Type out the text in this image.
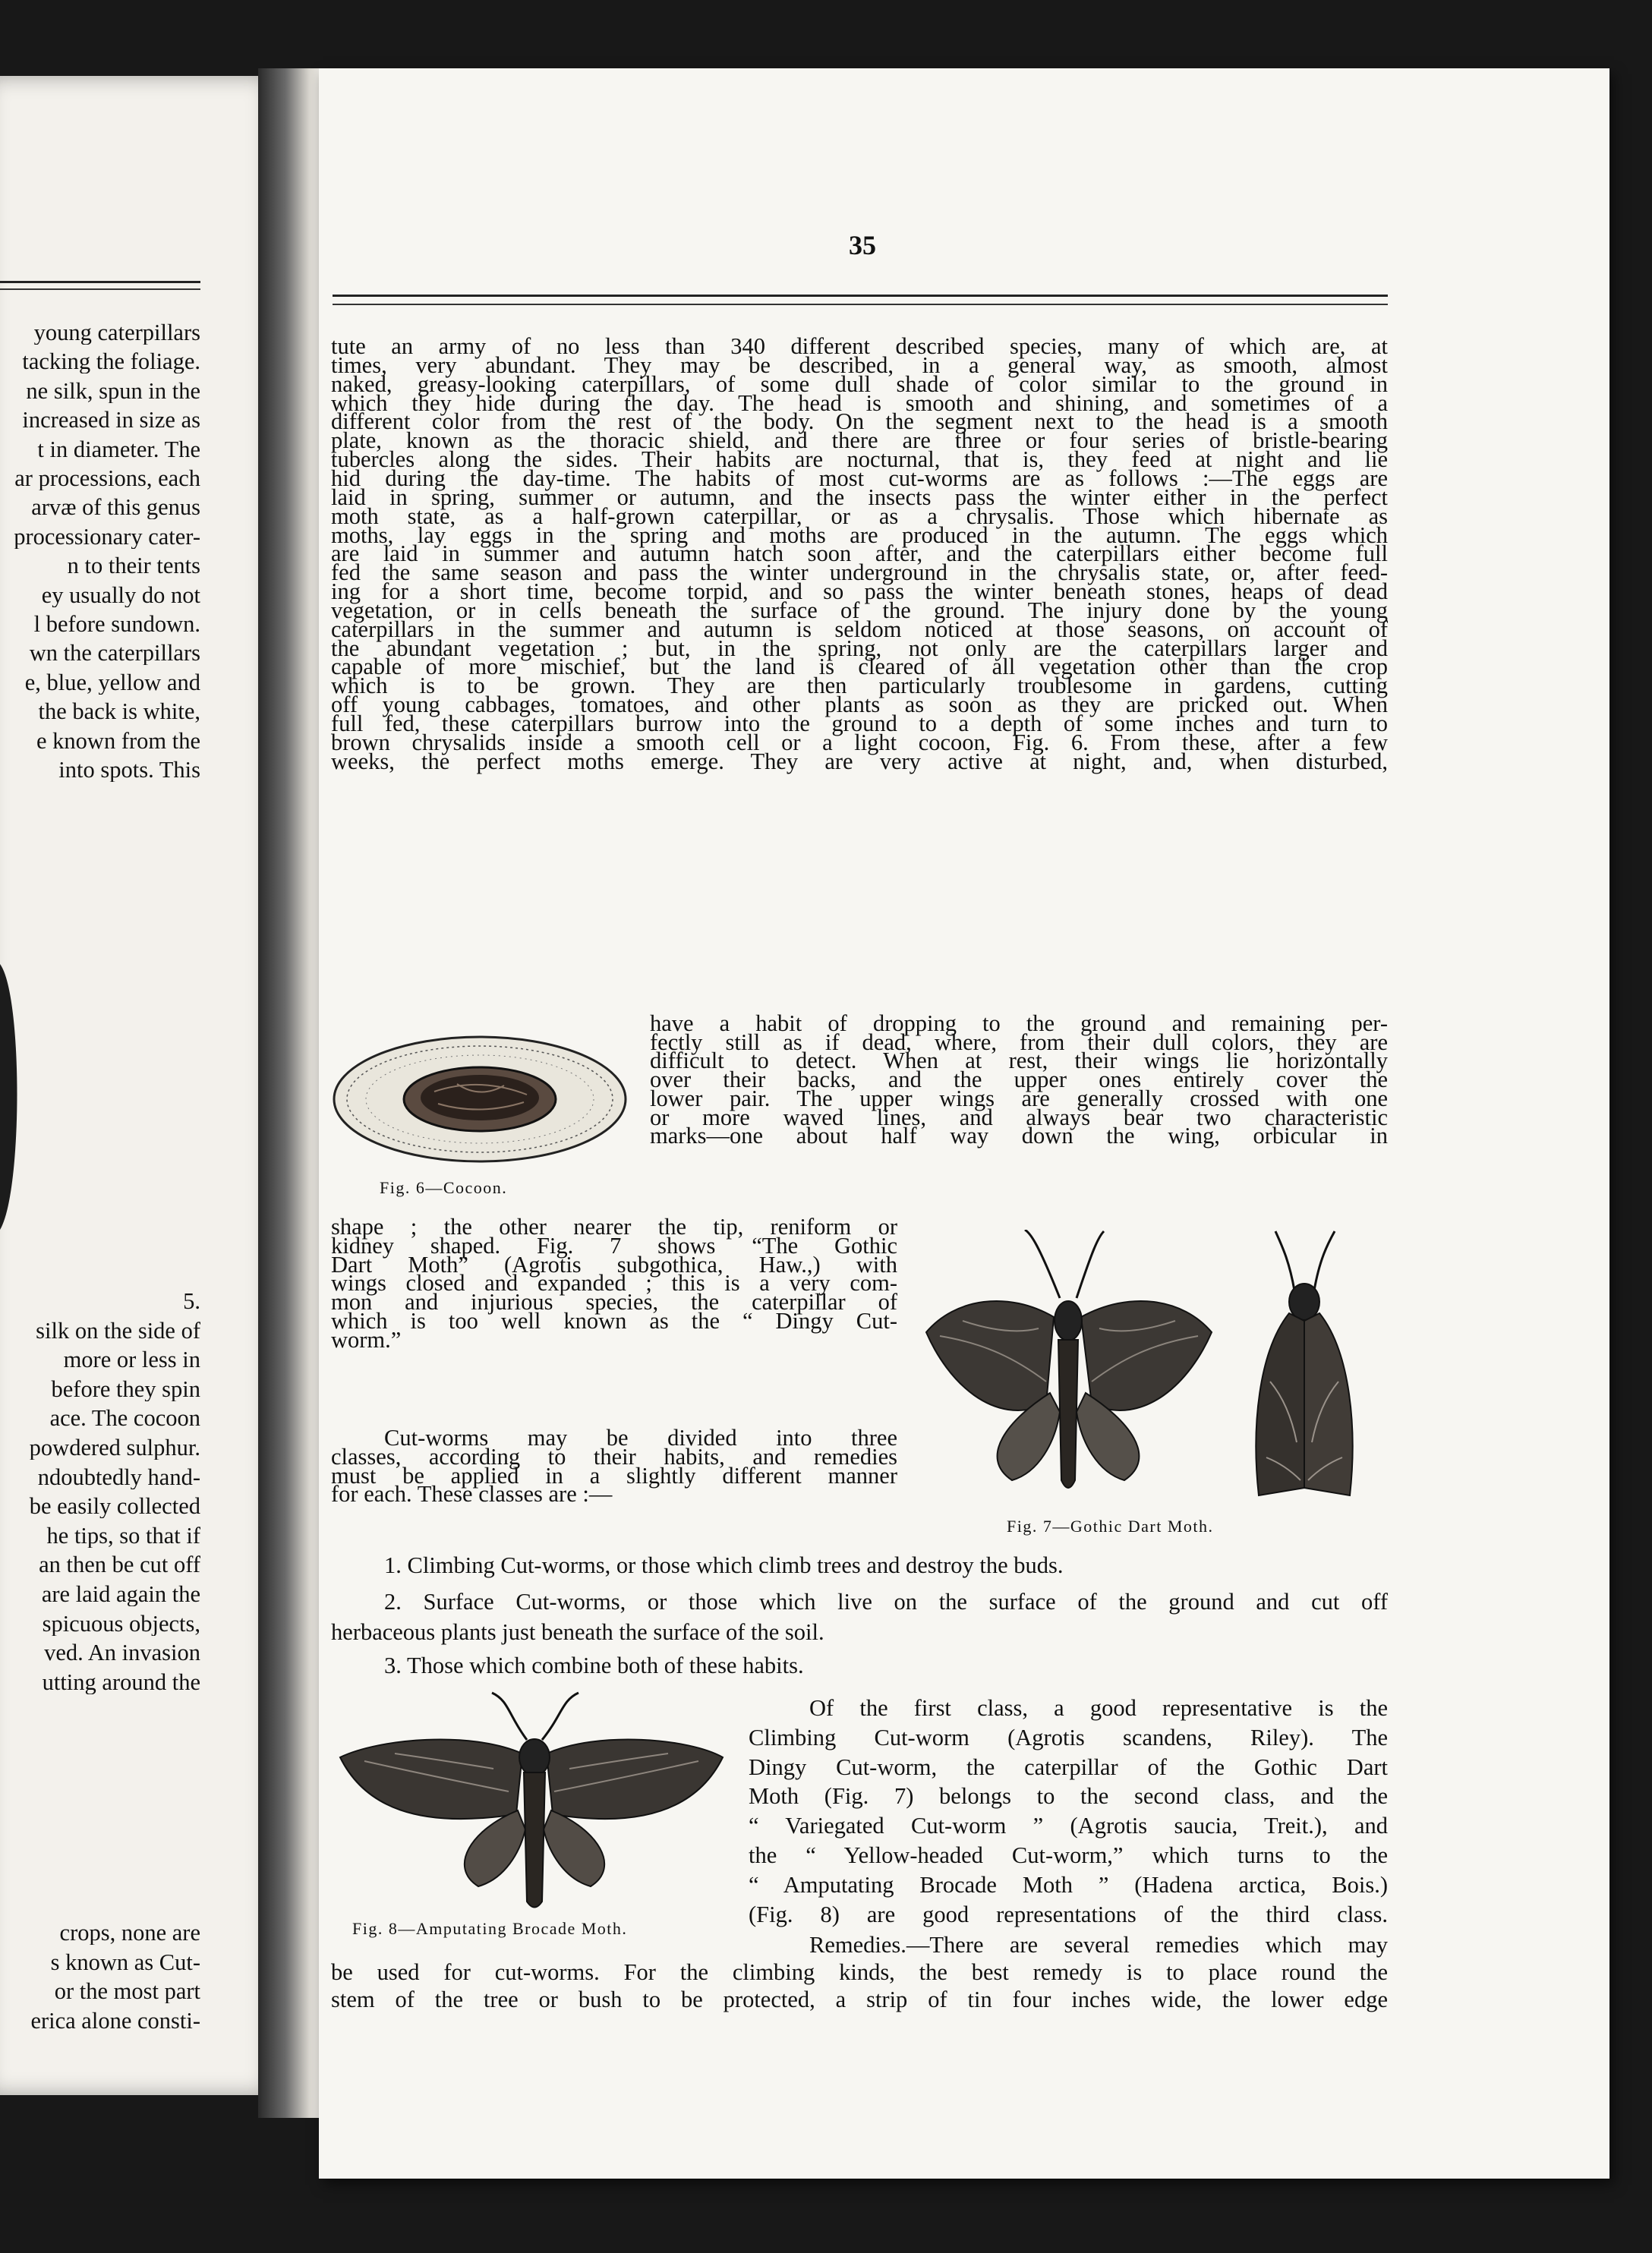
young caterpillars
tacking the foliage.
ne silk, spun in the
increased in size as
t in diameter. The
ar processions, each
arvæ of this genus
processionary cater-
n to their tents
ey usually do not
l before sundown.
wn the caterpillars
e, blue, yellow and
the back is white,
e known from the
into spots. This
5.
silk on the side of
more or less in
before they spin
ace. The cocoon
powdered sulphur.
ndoubtedly hand-
be easily collected
he tips, so that if
an then be cut off
are laid again the
spicuous objects,
ved. An invasion
utting around the
crops, none are
s known as Cut-
or the most part
erica alone consti-
35
tute an army of no less than 340 different described species, many of which are, at
times, very abundant. They may be described, in a general way, as smooth, almost
naked, greasy-looking caterpillars, of some dull shade of color similar to the ground in
which they hide during the day. The head is smooth and shining, and sometimes of a
different color from the rest of the body. On the segment next to the head is a smooth
plate, known as the thoracic shield, and there are three or four series of bristle-bearing
tubercles along the sides. Their habits are nocturnal, that is, they feed at night and lie
hid during the day-time. The habits of most cut-worms are as follows :—The eggs are
laid in spring, summer or autumn, and the insects pass the winter either in the perfect
moth state, as a half-grown caterpillar, or as a chrysalis. Those which hibernate as
moths, lay eggs in the spring and moths are produced in the autumn. The eggs which
are laid in summer and autumn hatch soon after, and the caterpillars either become full
fed the same season and pass the winter underground in the chrysalis state, or, after feed-
ing for a short time, become torpid, and so pass the winter beneath stones, heaps of dead
vegetation, or in cells beneath the surface of the ground. The injury done by the young
caterpillars in the summer and autumn is seldom noticed at those seasons, on account of
the abundant vegetation ; but, in the spring, not only are the caterpillars larger and
capable of more mischief, but the land is cleared of all vegetation other than the crop
which is to be grown. They are then particularly troublesome in gardens, cutting
off young cabbages, tomatoes, and other plants as soon as they are pricked out. When
full fed, these caterpillars burrow into the ground to a depth of some inches and turn to
brown chrysalids inside a smooth cell or a light cocoon, Fig. 6. From these, after a few
weeks, the perfect moths emerge. They are very active at night, and, when disturbed,
have a habit of dropping to the ground and remaining per-
fectly still as if dead, where, from their dull colors, they are
difficult to detect. When at rest, their wings lie horizontally
over their backs, and the upper ones entirely cover the
lower pair. The upper wings are generally crossed with one
or more waved lines, and always bear two characteristic
marks—one about half way down the wing, orbicular in
shape ; the other nearer the tip, reniform or
kidney shaped. Fig. 7 shows “The Gothic
Dart Moth” (Agrotis subgothica, Haw.,) with
wings closed and expanded ; this is a very com-
mon and injurious species, the caterpillar of
which is too well known as the “ Dingy Cut-
worm.”
Cut-worms may be divided into three
classes, according to their habits, and remedies
must be applied in a slightly different manner
for each. These classes are :—
1. Climbing Cut-worms, or those which climb trees and destroy the buds.
2. Surface Cut-worms, or those which live on the surface of the ground and cut off
herbaceous plants just beneath the surface of the soil.
3. Those which combine both of these habits.
Of the first class, a good representative is the
Climbing Cut-worm (Agrotis scandens, Riley). The
Dingy Cut-worm, the caterpillar of the Gothic Dart
Moth (Fig. 7) belongs to the second class, and the
“ Variegated Cut-worm ” (Agrotis saucia, Treit.), and
the “ Yellow-headed Cut-worm,” which turns to the
“ Amputating Brocade Moth ” (Hadena arctica, Bois.)
(Fig. 8) are good representations of the third class.
Remedies.—There are several remedies which may
be used for cut-worms. For the climbing kinds, the best remedy is to place round the
stem of the tree or bush to be protected, a strip of tin four inches wide, the lower edge
Fig. 6—Cocoon.
Fig. 7—Gothic Dart Moth.
Fig. 8—Amputating Brocade Moth.
